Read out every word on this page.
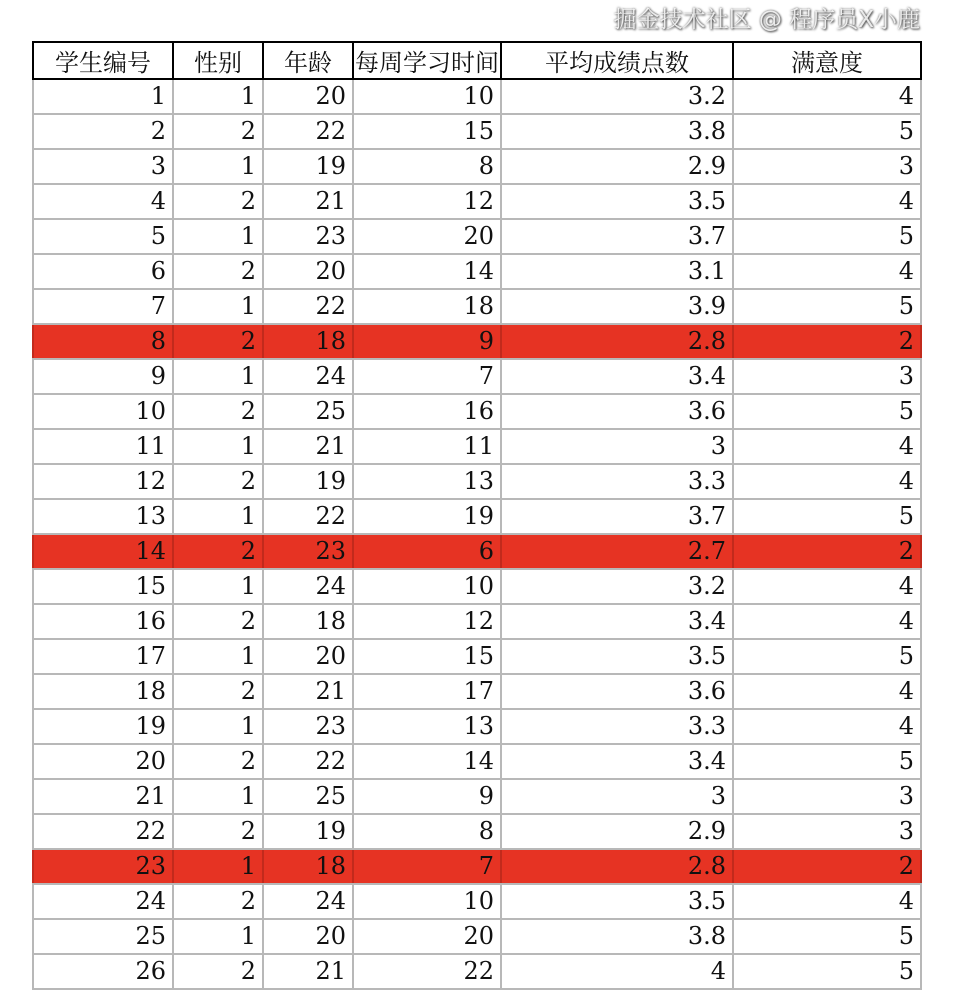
学生编号	性别	年龄	每周学习时间	平均成绩点数	满意度

1	1	20	10	3.2	4
2	2	22	15	3.8	5
3	1	19	8	2.9	3
4	2	21	12	3.5	4
5	1	23	20	3.7	5
6	2	20	14	3.1	4
7	1	22	18	3.9	5
8	2	18	9	2.8	2
9	1	24	7	3.4	3
10	2	25	16	3.6	5
11	1	21	11	3	4
12	2	19	13	3.3	4
13	1	22	19	3.7	5
14	2	23	6	2.7	2
15	1	24	10	3.2	4
16	2	18	12	3.4	4
17	1	20	15	3.5	5
18	2	21	17	3.6	4
19	1	23	13	3.3	4
20	2	22	14	3.4	5
21	1	25	9	3	3
22	2	19	8	2.9	3
23	1	18	7	2.8	2
24	2	24	10	3.5	4
25	1	20	20	3.8	5
26	2	21	22	4	5
掘金技术社区 @ 程序员X小鹿
